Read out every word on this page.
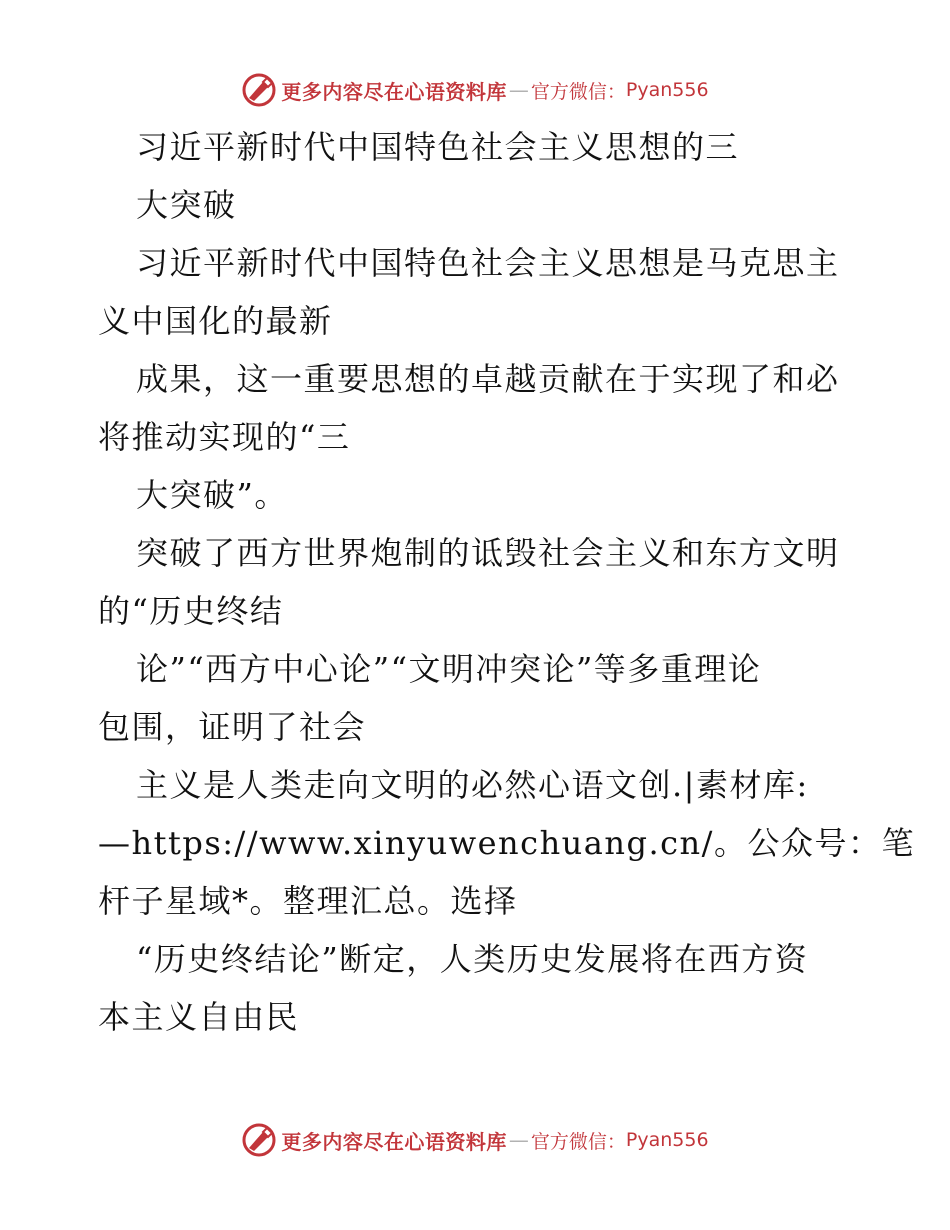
更多内容尽在心语资料库 — 官方微信： Pyan556
习近平新时代中国特色社会主义思想的三
大突破
习近平新时代中国特色社会主义思想是马克思主
义中国化的最新
成果，这一重要思想的卓越贡献在于实现了和必
将推动实现的“三
大突破”。
突破了西方世界炮制的诋毁社会主义和东方文明
的“历史终结
论”“西方中心论”“文明冲突论”等多重理论
包围，证明了社会
主义是人类走向文明的必然心语文创.|素材库:
—https://www.xinyuwenchuang.cn/。公众号：笔
杆子星域*。整理汇总。选择
“历史终结论”断定，人类历史发展将在西方资
本主义自由民
更多内容尽在心语资料库 — 官方微信： Pyan556
